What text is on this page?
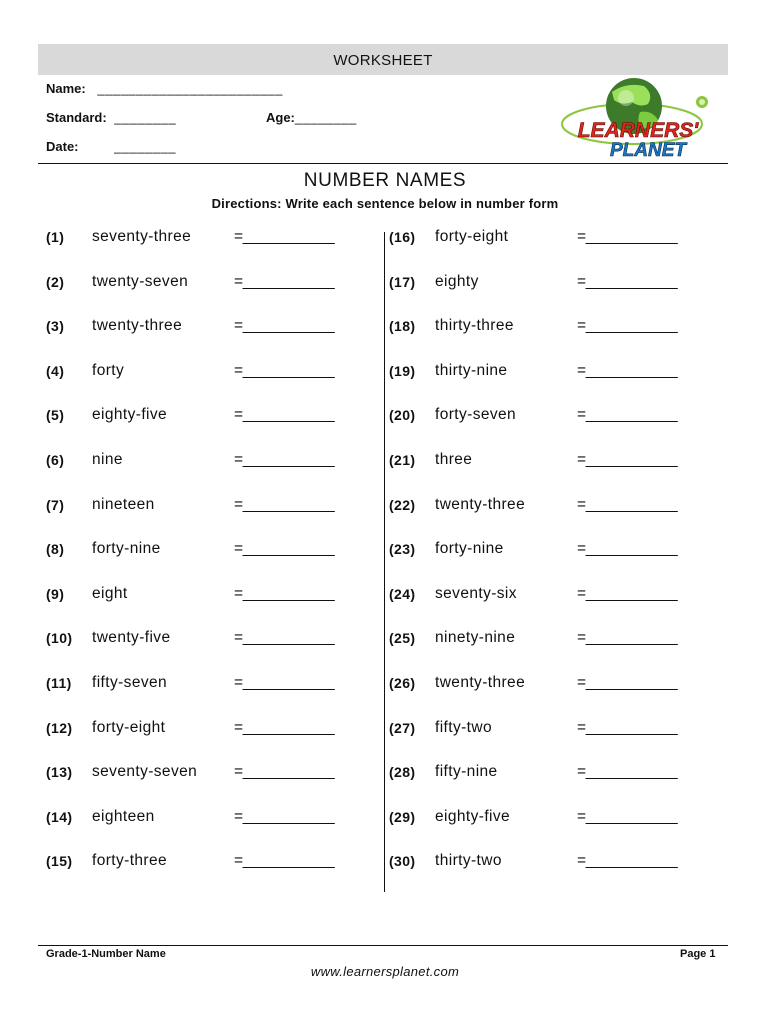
WORKSHEET
Name: ________________________
Standard: ________	Age:________
Date:	________
LEARNERS'
PLANET
NUMBER NAMES
Directions: Write each sentence below in number form
(1) seventy-three	=___________
(2) twenty-seven	=___________
(3) twenty-three	=___________
(4) forty	=___________
(5) eighty-five	=___________
(6) nine	=___________
(7) nineteen	=___________
(8) forty-nine	=___________
(9) eight	=___________
(10) twenty-five	=___________
(11) fifty-seven	=___________
(12) forty-eight	=___________
(13) seventy-seven =___________
(14) eighteen	=___________
(15) forty-three	=___________
(16) forty-eight	=___________
(17) eighty	=___________
(18) thirty-three	=___________
(19) thirty-nine	=___________
(20) forty-seven	=___________
(21) three	=___________
(22) twenty-three	=___________
(23) forty-nine	=___________
(24) seventy-six	=___________
(25) ninety-nine	=___________
(26) twenty-three	=___________
(27) fifty-two	=___________
(28) fifty-nine	=___________
(29) eighty-five	=___________
(30) thirty-two	=___________
Grade-1-Number Name	Page 1
www.learnersplanet.com
